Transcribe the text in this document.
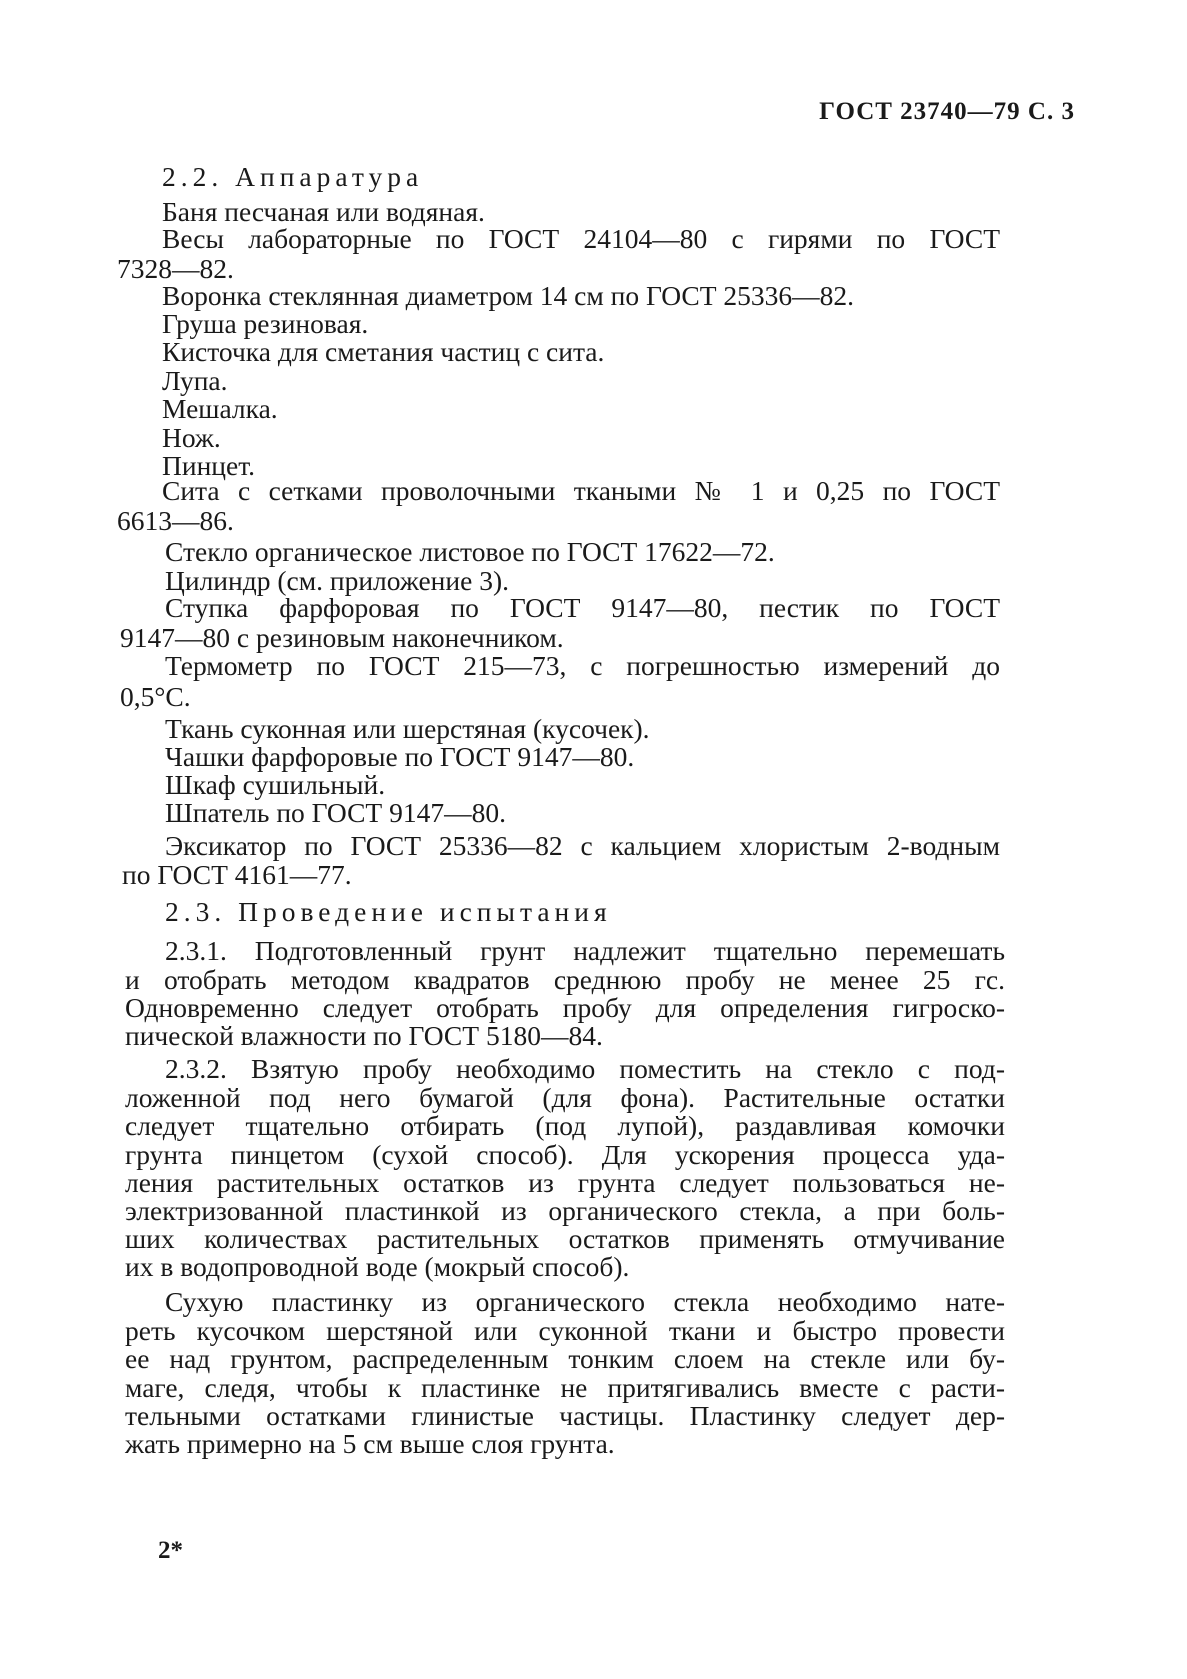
ГОСТ 23740—79 С. 3
2.2. Аппаратура
Баня песчаная или водяная.
Весы лабораторные по ГОСТ 24104—80 с гирями по ГОСТ
7328—82.
Воронка стеклянная диаметром 14 см по ГОСТ 25336—82.
Груша резиновая.
Кисточка для сметания частиц с сита.
Лупа.
Мешалка.
Нож.
Пинцет.
Сита с сетками проволочными ткаными № 1 и 0,25 по ГОСТ
6613—86.
Стекло органическое листовое по ГОСТ 17622—72.
Цилиндр (см. приложение 3).
Ступка фарфоровая по ГОСТ 9147—80, пестик по ГОСТ
9147—80 с резиновым наконечником.
Термометр по ГОСТ 215—73, с погрешностью измерений до
0,5°С.
Ткань суконная или шерстяная (кусочек).
Чашки фарфоровые по ГОСТ 9147—80.
Шкаф сушильный.
Шпатель по ГОСТ 9147—80.
Эксикатор по ГОСТ 25336—82 с кальцием хлористым 2-водным
по ГОСТ 4161—77.
2.3. Проведение испытания
2.3.1. Подготовленный грунт надлежит тщательно перемешать
и отобрать методом квадратов среднюю пробу не менее 25 гс.
Одновременно следует отобрать пробу для определения гигроско-
пической влажности по ГОСТ 5180—84.
2.3.2. Взятую пробу необходимо поместить на стекло с под-
ложенной под него бумагой (для фона). Растительные остатки
следует тщательно отбирать (под лупой), раздавливая комочки
грунта пинцетом (сухой способ). Для ускорения процесса уда-
ления растительных остатков из грунта следует пользоваться не-
электризованной пластинкой из органического стекла, а при боль-
ших количествах растительных остатков применять отмучивание
их в водопроводной воде (мокрый способ).
Сухую пластинку из органического стекла необходимо нате-
реть кусочком шерстяной или суконной ткани и быстро провести
ее над грунтом, распределенным тонким слоем на стекле или бу-
маге, следя, чтобы к пластинке не притягивались вместе с расти-
тельными остатками глинистые частицы. Пластинку следует дер-
жать примерно на 5 см выше слоя грунта.
2*
